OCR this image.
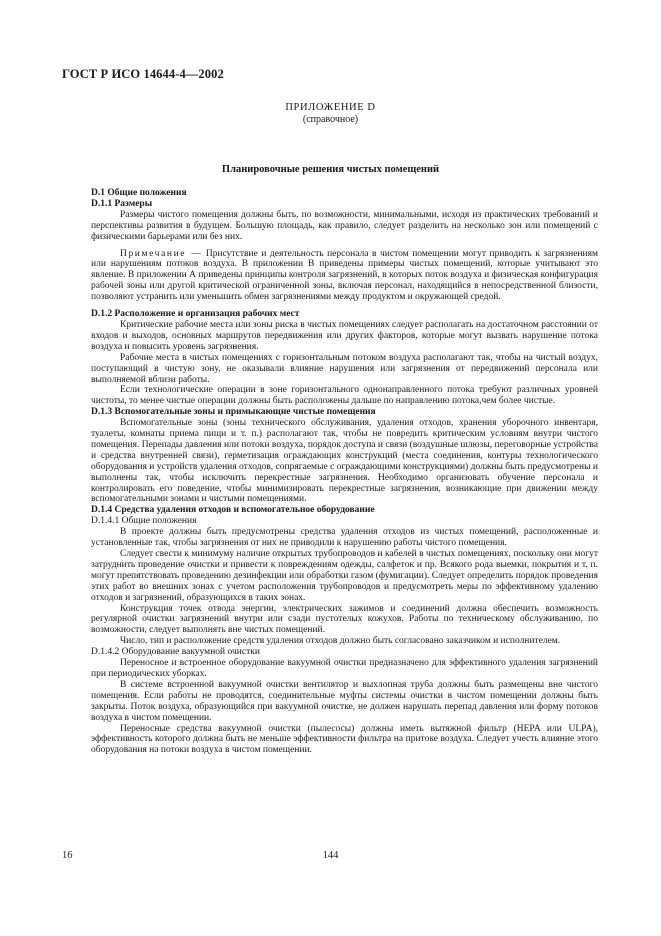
ГОСТ Р ИСО 14644-4—2002
ПРИЛОЖЕНИЕ D
(справочное)
Планировочные решения чистых помещений

D.1 Общие положения

D.1.1 Размеры

Размеры чистого помещения должны быть, по возможности, минимальными, исходя из практических требований и перспективы развития в будущем. Большую площадь, как правило, следует разделить на несколько зон или помещений с физическими барьерами или без них.

Примечание — Присутствие и деятельность персонала в чистом помещении могут приводить к загрязнениям или нарушениям потоков воздуха. В приложении В приведены примеры чистых помещений, которые учитывают это явление. В приложении А приведены принципы контроля загрязнений, в которых поток воздуха и физическая конфигурация рабочей зоны или другой критической ограниченной зоны, включая персонал, находящийся в непосредственной близости, позволяют устранить или уменьшить обмен загрязнениями между продуктом и окружающей средой.

D.1.2 Расположение и организация рабочих мест

Критические рабочие места или зоны риска в чистых помещениях следует располагать на достаточном расстоянии от входов и выходов, основных маршрутов передвижения или других факторов, которые могут вызвать нарушение потока воздуха и повысить уровень загрязнения.

Рабочие места в чистых помещениях с горизонтальным потоком воздуха располагают так, чтобы на чистый воздух, поступающий в чистую зону, не оказывали влияние нарушения или загрязнения от передвижений персонала или выполняемой вблизи работы.

Если технологические операции в зоне горизонтального однонаправленного потока требуют различных уровней чистоты, то менее чистые операции должны быть расположены дальше по направлению потока,чем более чистые.

D.1.3 Вспомогательные зоны и примыкающие чистые помещения

Вспомогательные зоны (зоны технического обслуживания, удаления отходов, хранения уборочного инвентаря, туалеты, комнаты приема пищи и т. п.) располагают так, чтобы не повредить критическим условиям внутри чистого помещения. Перепады давления или потоки воздуха, порядок доступа и связи (воздушные шлюзы, переговорные устройства и средства внутренней связи), герметизация ограждающих конструкций (места соединения, контуры технологического оборудования и устройств удаления отходов, сопрягаемые с ограждающими конструкциями) должны быть предусмотрены и выполнены так, чтобы исключить перекрестные загрязнения. Необходимо организовать обучение персонала и контролировать его поведение, чтобы минимизировать перекрестные загрязнения, возникающие при движении между вспомогательными зонами и чистыми помещениями.

D.1.4 Средства удаления отходов и вспомогательное оборудование

D.1.4.1 Общие положения

В проекте должны быть предусмотрены средства удаления отходов из чистых помещений, расположенные и установленные так, чтобы загрязнения от них не приводили к нарушению работы чистого помещения.

Следует свести к минимуму наличие открытых трубопроводов и кабелей в чистых помещениях, поскольку они могут затруднить проведение очистки и привести к повреждениям одежды, салфеток и пр. Всякого рода выемки, покрытия и т. п. могут препятствовать проведению дезинфекции или обработки газом (фумигации). Следует определить порядок проведения этих работ во внешних зонах с учетом расположения трубопроводов и предусмотреть меры по эффективному удалению отходов и загрязнений, образующихся в таких зонах.

Конструкция точек отвода энергии, электрических зажимов и соединений должна обеспечить возможность регулярной очистки загрязнений внутри или сзади пустотелых кожухов. Работы по техническому обслуживанию, по возможности, следует выполнять вне чистых помещений.

Число, тип и расположение средств удаления отходов должно быть согласовано заказчиком и исполнителем.

D.1.4.2 Оборудование вакуумной очистки

Переносное и встроенное оборудование вакуумной очистки предназначено для эффективного удаления загрязнений при периодических уборках.

В системе встроенной вакуумной очистки вентилятор и выхлопная труба должны быть размещены вне чистого помещения. Если работы не проводятся, соединительные муфты системы очистки в чистом помещении должны быть закрыты. Поток воздуха, образующийся при вакуумной очистке, не должен нарушать перепад давления или форму потоков воздуха в чистом помещении.

Переносные средства вакуумной очистки (пылесосы) должны иметь вытяжной фильтр (HEPA или ULPA), эффективность которого должна быть не меньше эффективности фильтра на притоке воздуха. Следует учесть влияние этого оборудования на потоки воздуха в чистом помещении.

16	144
